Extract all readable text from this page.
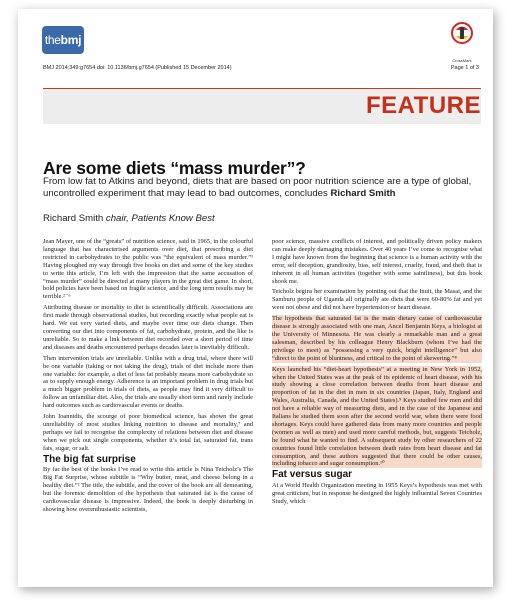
thebmj
CrossMark
BMJ 2014;349:g7654 doi: 10.1136/bmj.g7654 (Published 15 December 2014)	Page 1 of 3
FEATURE
Are some diets “mass murder”?
From low fat to Atkins and beyond, diets that are based on poor nutrition science are a type of global, uncontrolled experiment that may lead to bad outcomes, concludes Richard Smith
Richard Smith chair, Patients Know Best

Jean Mayer, one of the “greats” of nutrition science, said in 1965, in the colourful language that has characterised arguments over diet, that prescribing a diet restricted in carbohydrates to the public was “the equivalent of mass murder.”¹ Having ploughed my way through five books on diet and some of the key studies to write this article, I’m left with the impression that the same accusation of “mass murder” could be directed at many players in the great diet game. In short, bold policies have been based on fragile science, and the long term results may be terrible.²⁻⁶

Attributing disease or mortality to diet is scientifically difficult. Associations are first made through observational studies, but recording exactly what people eat is hard. We eat very varied diets, and maybe over time our diets change. Then converting our diet into components of fat, carbohydrate, protein, and the like is unreliable. So to make a link between diet recorded over a short period of time and diseases and deaths encountered perhaps decades later is inevitably difficult.

Then intervention trials are unreliable. Unlike with a drug trial, where there will be one variable (taking or not taking the drug), trials of diet include more than one variable: for example, a diet of less fat probably means more carbohydrate so as to supply enough energy. Adherence is an important problem in drug trials but a much bigger problem in trials of diets, as people may find it very difficult to follow an unfamiliar diet. Also, the trials are usually short term and rarely include hard outcomes such as cardiovascular events or deaths.

John Ioannidis, the scourge of poor biomedical science, has shown the great unreliability of most studies linking nutrition to disease and mortality,⁷ and perhaps we fail to recognise the complexity of relations between diet and disease when we pick out single components, whether it’s total fat, saturated fat, trans fats, sugar, or salt.

The big fat surprise

By far the best of the books I’ve read to write this article is Nina Teicholz’s The Big Fat Surprise, whose subtitle is “Why butter, meat, and cheese belong in a healthy diet.”² The title, the subtitle, and the cover of the book are all demeaning, but the forensic demolition of the hypothesis that saturated fat is the cause of cardiovascular disease is impressive. Indeed, the book is deeply disturbing in showing how overenthusiastic scientists,

poor science, massive conflicts of interest, and politically driven policy makers can make deeply damaging mistakes. Over 40 years I’ve come to recognise what I might have known from the beginning that science is a human activity with the error, self deception, grandiosity, bias, self interest, cruelty, fraud, and theft that is inherent in all human activities (together with some saintliness), but this book shook me.

Teicholz begins her examination by pointing out that the Inuit, the Masai, and the Samburu people of Uganda all originally ate diets that were 60-80% fat and yet were not obese and did not have hypertension or heart disease.

The hypothesis that saturated fat is the main dietary cause of cardiovascular disease is strongly associated with one man, Ancel Benjamin Keys, a biologist at the University of Minnesota. He was clearly a remarkable man and a great salesman, described by his colleague Henry Blackburn (whom I’ve had the privilege to meet) as “possessing a very quick, bright intelligence” but also “direct to the point of bluntness, and critical to the point of skewering.”⁸

Keys launched his “diet-heart hypothesis” at a meeting in New York in 1952, when the United States was at the peak of its epidemic of heart disease, with his study showing a close correlation between deaths from heart disease and proportion of fat in the diet in men in six countries (Japan, Italy, England and Wales, Australia, Canada, and the United States).⁹ Keys studied few men and did not have a reliable way of measuring diets, and in the case of the Japanese and Italians he studied them soon after the second world war, when there were food shortages. Keys could have gathered data from many more countries and people (women as well as men) and used more careful methods, but, suggests Teicholz, he found what he wanted to find. A subsequent study by other researchers of 22 countries found little correlation between death rates from heart disease and fat consumption, and these authors suggested that there could be other causes, including tobacco and sugar consumption.¹⁰

Fat versus sugar

At a World Health Organization meeting in 1955 Keys’s hypothesis was met with great criticism, but in response he designed the highly influential Seven Countries Study, which
